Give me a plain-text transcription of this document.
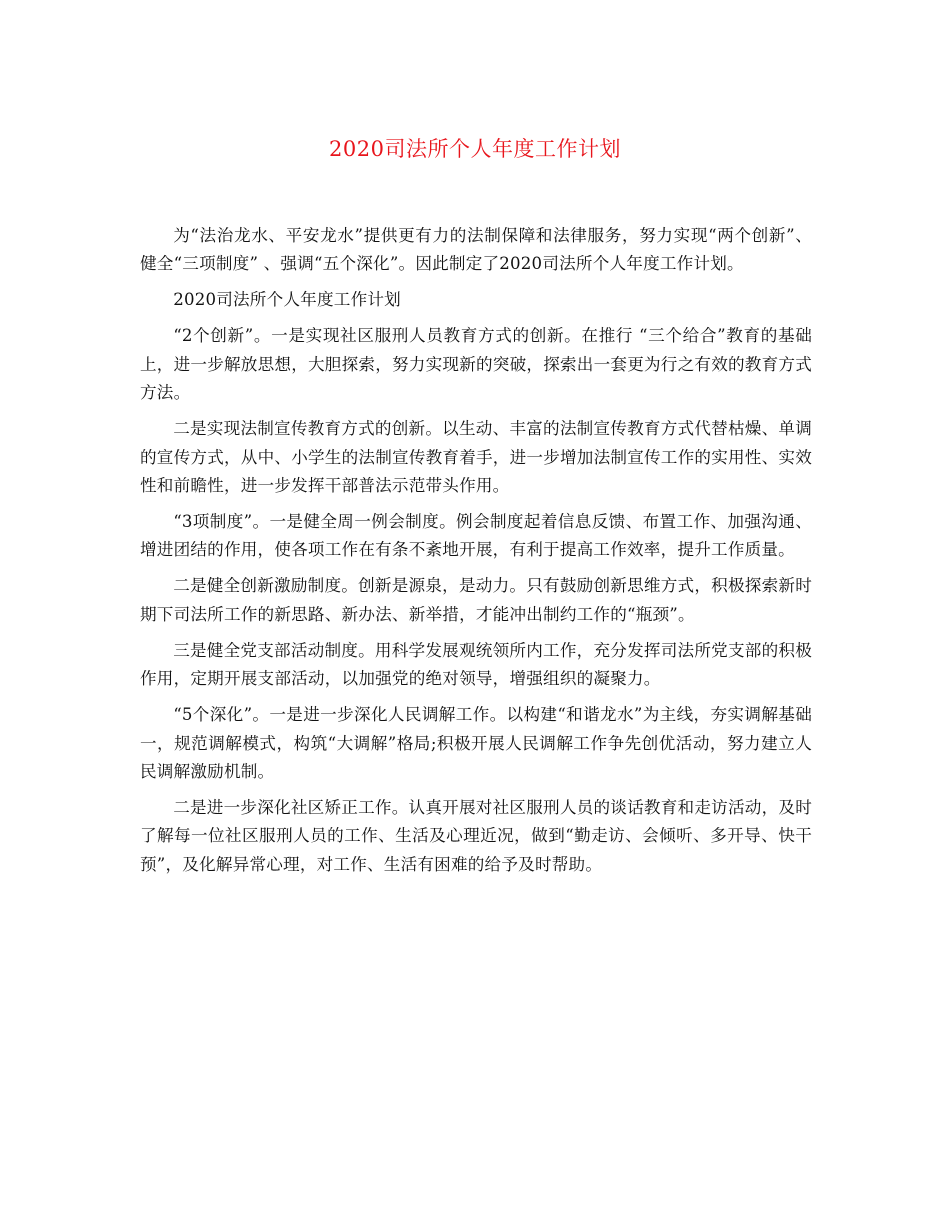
2020司法所个人年度工作计划

为“法治龙水、平安龙水”提供更有力的法制保障和法律服务，努力实现“两个创新”、健全“三项制度” 、强调“五个深化”。因此制定了2020司法所个人年度工作计划。

2020司法所个人年度工作计划

“2个创新”。一是实现社区服刑人员教育方式的创新。在推行 “三个给合”教育的基础上，进一步解放思想，大胆探索，努力实现新的突破，探索出一套更为行之有效的教育方式方法。

二是实现法制宣传教育方式的创新。以生动、丰富的法制宣传教育方式代替枯燥、单调的宣传方式，从中、小学生的法制宣传教育着手，进一步增加法制宣传工作的实用性、实效性和前瞻性，进一步发挥干部普法示范带头作用。

“3项制度”。一是健全周一例会制度。例会制度起着信息反馈、布置工作、加强沟通、增进团结的作用，使各项工作在有条不紊地开展，有利于提高工作效率，提升工作质量。

二是健全创新激励制度。创新是源泉，是动力。只有鼓励创新思维方式，积极探索新时期下司法所工作的新思路、新办法、新举措，才能冲出制约工作的“瓶颈”。

三是健全党支部活动制度。用科学发展观统领所内工作，充分发挥司法所党支部的积极作用，定期开展支部活动，以加强党的绝对领导，增强组织的凝聚力。

“5个深化”。一是进一步深化人民调解工作。以构建“和谐龙水”为主线，夯实调解基础一，规范调解模式，构筑“大调解”格局;积极开展人民调解工作争先创优活动，努力建立人民调解激励机制。

二是进一步深化社区矫正工作。认真开展对社区服刑人员的谈话教育和走访活动，及时了解每一位社区服刑人员的工作、生活及心理近况，做到“勤走访、会倾听、多开导、快干预”，及化解异常心理，对工作、生活有困难的给予及时帮助。
